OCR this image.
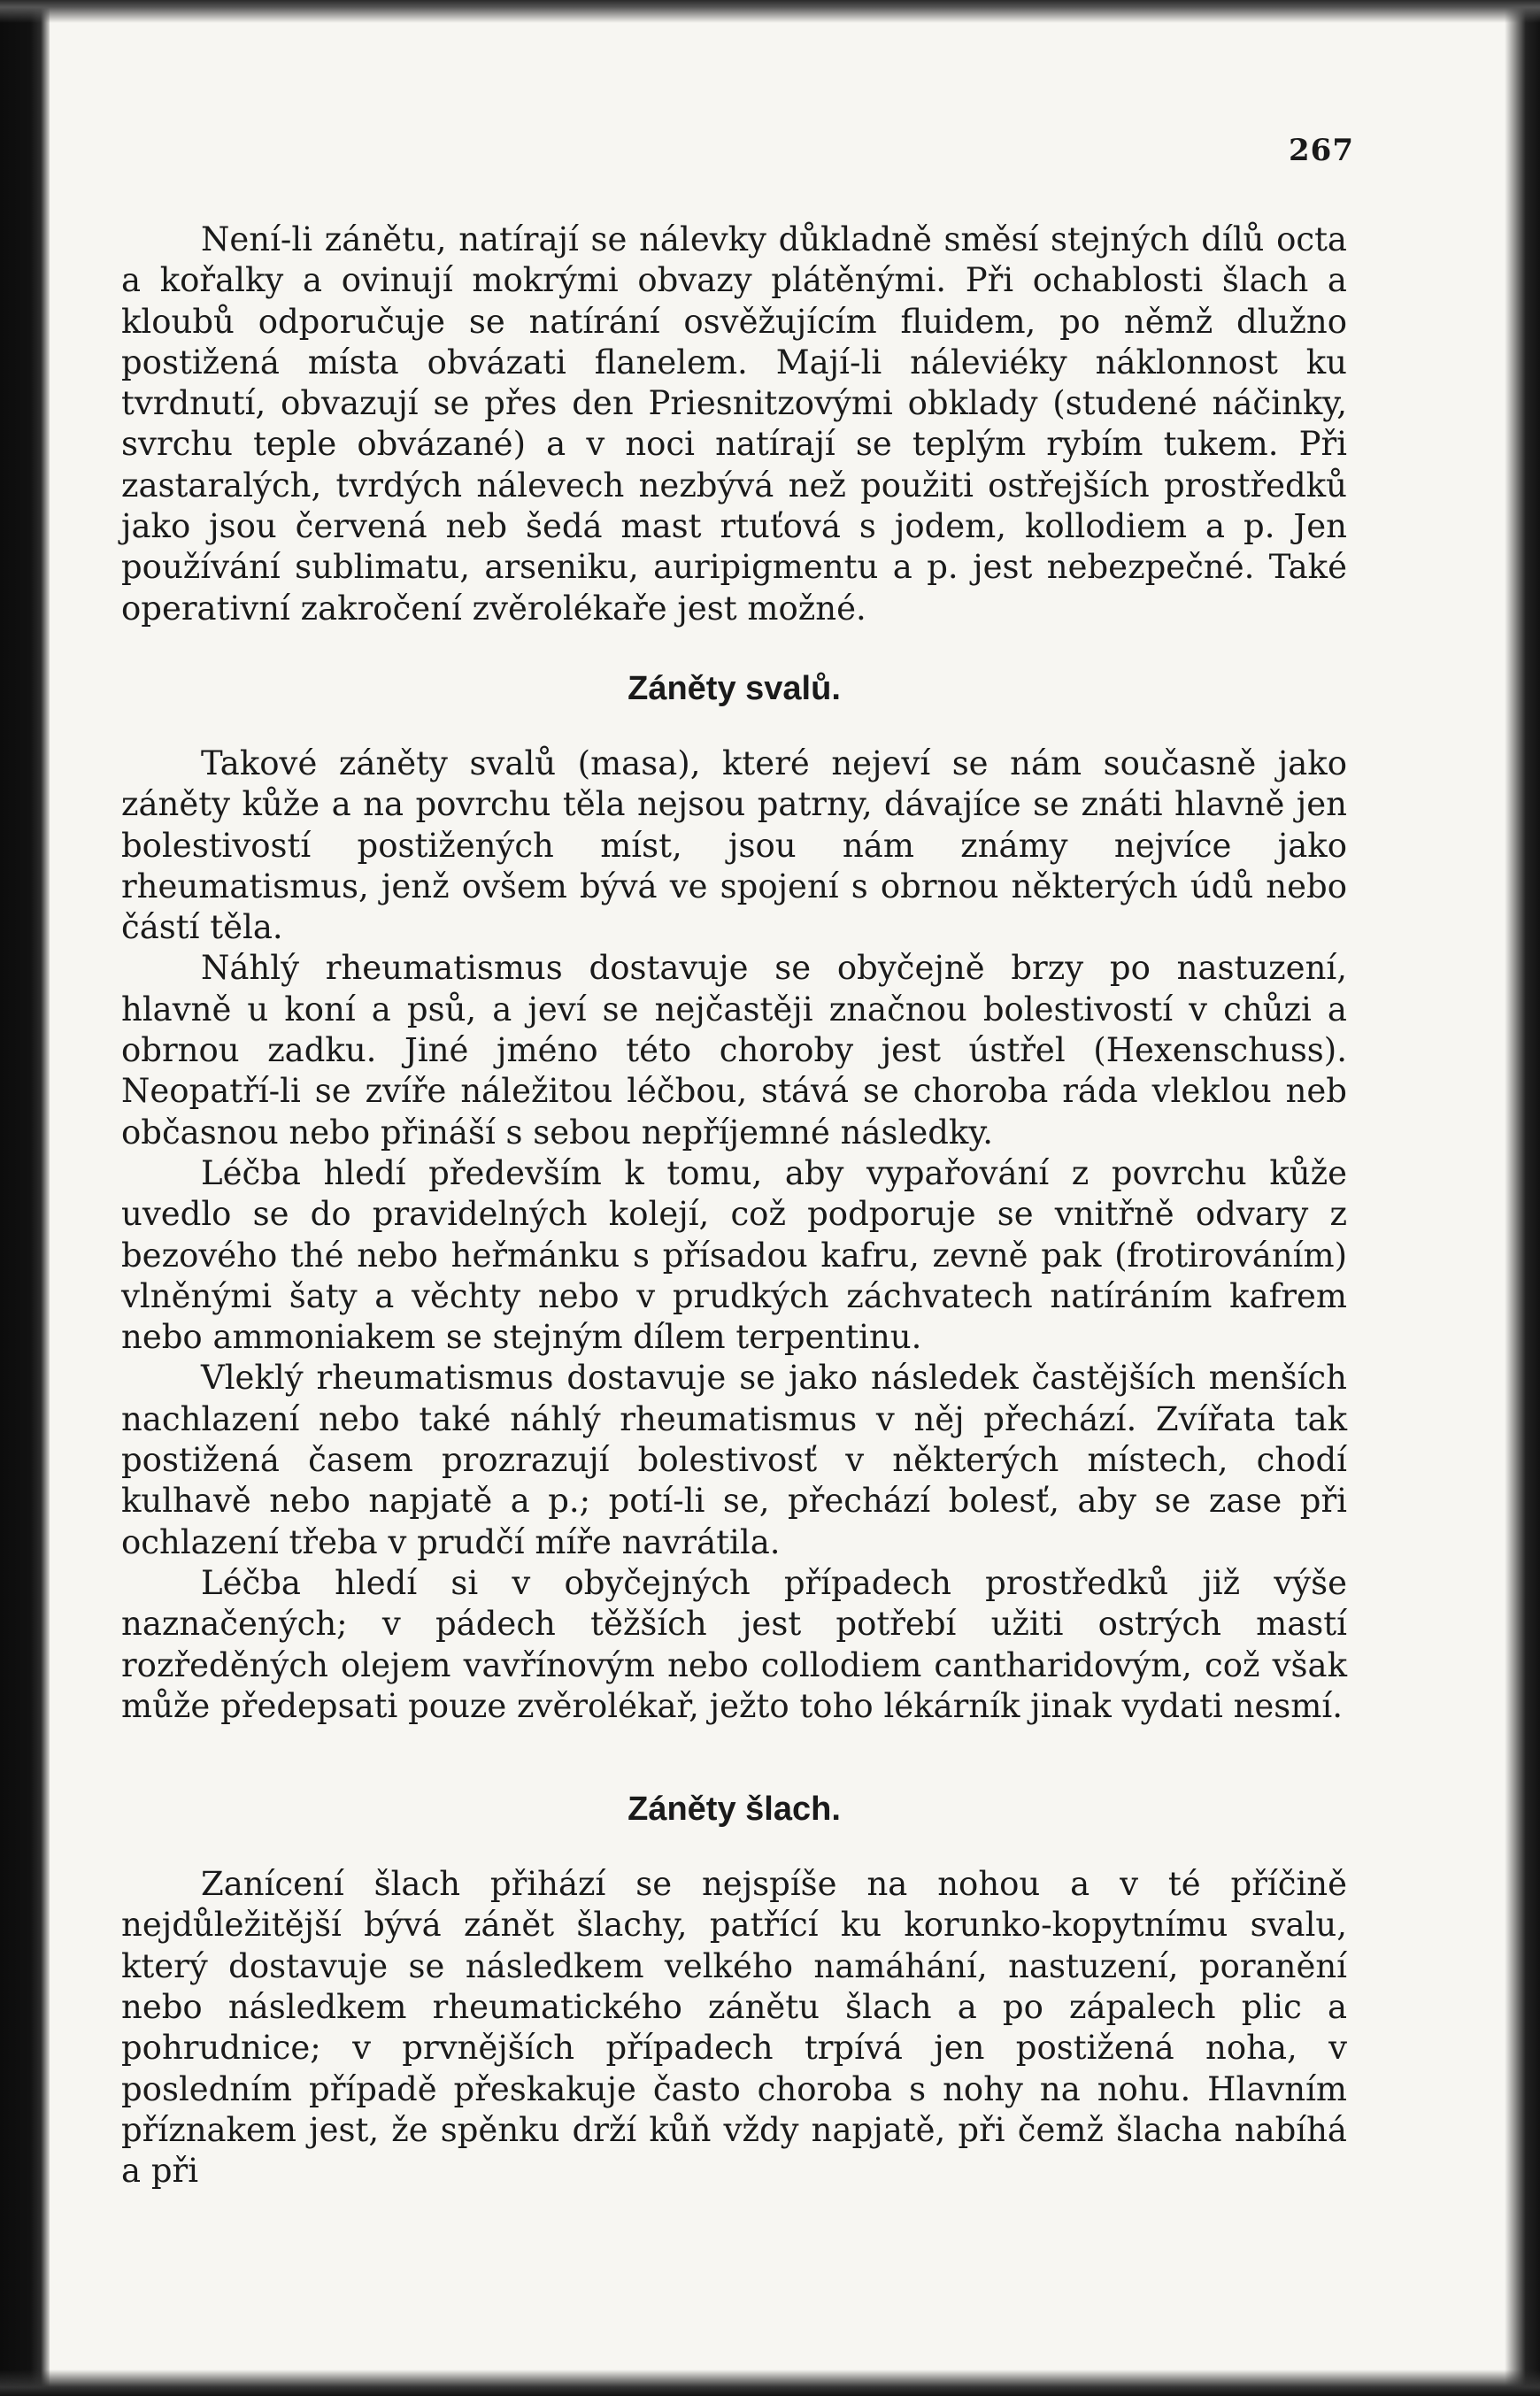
267

Není-li zánětu, natírají se nálevky důkladně směsí stejných dílů octa a kořalky a ovinují mokrými obvazy plátěnými. Při ochablosti šlach a kloubů odporučuje se natírání osvěžujícím fluidem, po němž dlužno postižená místa obvázati flanelem. Mají-li náleviéky náklonnost ku tvrdnutí, obvazují se přes den Priesnitzovými obklady (studené náčinky, svrchu teple obvázané) a v noci natírají se teplým rybím tukem. Při zastaralých, tvrdých nálevech nezbývá než použiti ostřejších prostředků jako jsou červená neb šedá mast rtuťová s jodem, kollodiem a p. Jen používání sublimatu, arseniku, auripigmentu a p. jest nebezpečné. Také operativní zakročení zvěrolékaře jest možné.

Záněty svalů.

Takové záněty svalů (masa), které nejeví se nám současně jako záněty kůže a na povrchu těla nejsou patrny, dávajíce se znáti hlavně jen bolestivostí postižených míst, jsou nám známy nejvíce jako rheumatismus, jenž ovšem bývá ve spojení s obrnou některých údů nebo částí těla.

Náhlý rheumatismus dostavuje se obyčejně brzy po nastuzení, hlavně u koní a psů, a jeví se nejčastěji značnou bolestivostí v chůzi a obrnou zadku. Jiné jméno této choroby jest ústřel (Hexenschuss). Neopatří-li se zvíře náležitou léčbou, stává se choroba ráda vleklou neb občasnou nebo přináší s sebou nepříjemné následky.

Léčba hledí především k tomu, aby vypařování z povrchu kůže uvedlo se do pravidelných kolejí, což podporuje se vnitřně odvary z bezového thé nebo heřmánku s přísadou kafru, zevně pak (frotirováním) vlněnými šaty a věchty nebo v prudkých záchvatech natíráním kafrem nebo ammoniakem se stejným dílem terpentinu.

Vleklý rheumatismus dostavuje se jako následek častějších menších nachlazení nebo také náhlý rheumatismus v něj přechází. Zvířata tak postižená časem prozrazují bolestivosť v některých místech, chodí kulhavě nebo napjatě a p.; potí-li se, přechází bolesť, aby se zase při ochlazení třeba v prudčí míře navrátila.

Léčba hledí si v obyčejných případech prostředků již výše naznačených; v pádech těžších jest potřebí užiti ostrých mastí rozředěných olejem vavřínovým nebo collodiem cantharidovým, což však může předepsati pouze zvěrolékař, ježto toho lékárník jinak vydati nesmí.

Záněty šlach.

Zanícení šlach přihází se nejspíše na nohou a v té příčině nejdůležitější bývá zánět šlachy, patřící ku korunko-kopytnímu svalu, který dostavuje se následkem velkého namáhání, nastuzení, poranění nebo následkem rheumatického zánětu šlach a po zápalech plic a pohrudnice; v prvnějších případech trpívá jen postižená noha, v posledním případě přeskakuje často choroba s nohy na nohu. Hlavním příznakem jest, že spěnku drží kůň vždy napjatě, při čemž šlacha nabíhá a při
